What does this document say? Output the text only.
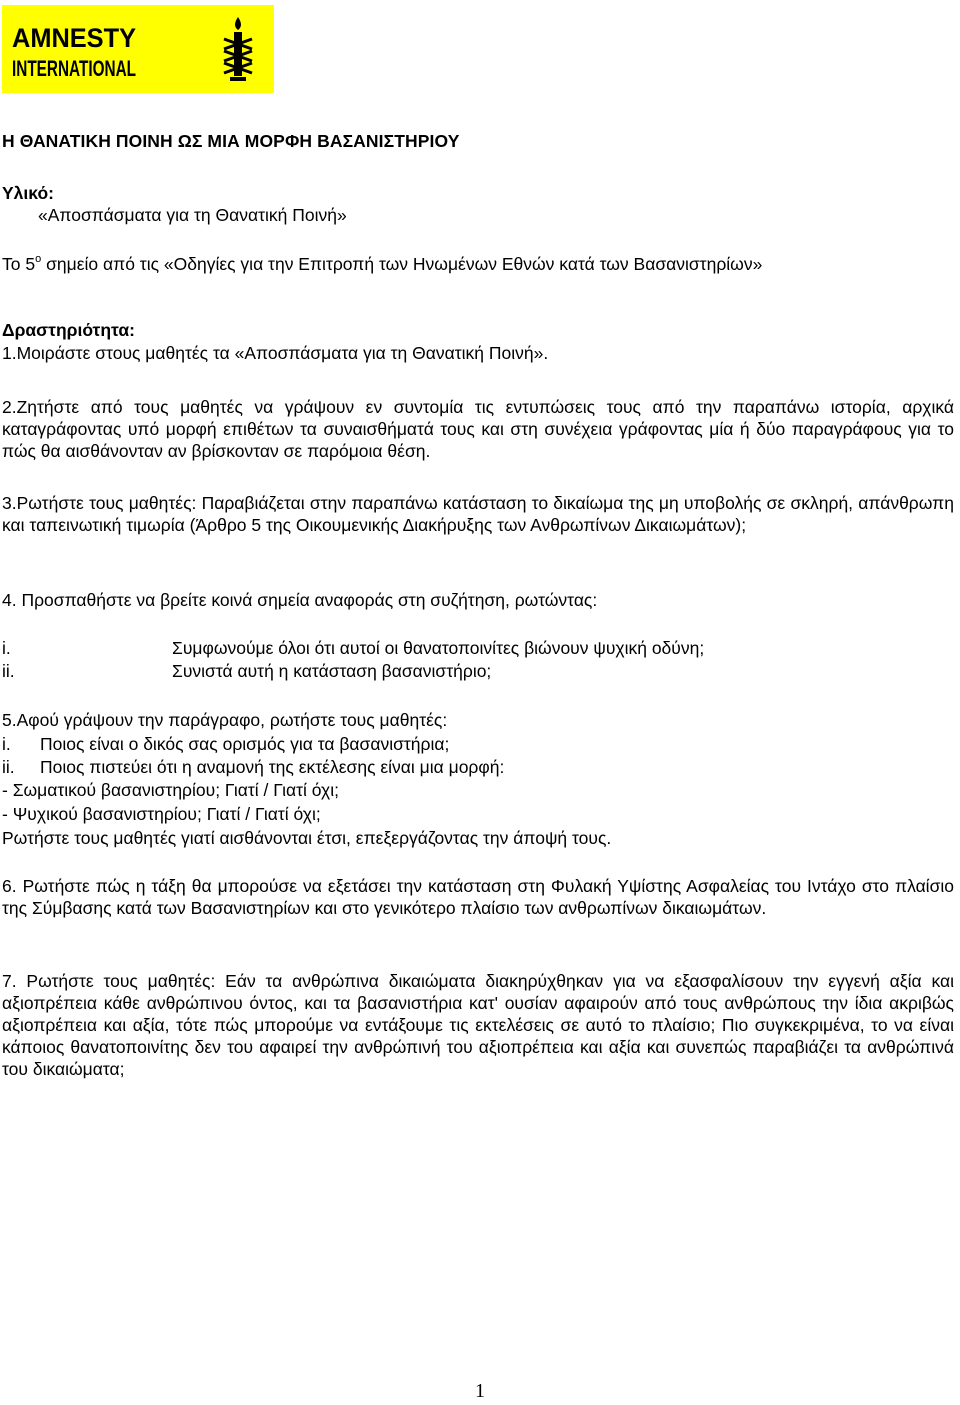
AMNESTY
INTERNATIONAL

Η ΘΑΝΑΤΙΚΗ ΠΟΙΝΗ ΩΣ ΜΙΑ ΜΟΡΦΗ ΒΑΣΑΝΙΣΤΗΡΙΟΥ

Υλικό:

«Αποσπάσματα για τη Θανατική Ποινή»

Το $5^o$ σημείο από τις «Οδηγίες για την Επιτροπή των Ηνωμένων Εθνών κατά των Βασανιστηρίων»

Δραστηριότητα:

1.Μοιράστε στους μαθητές τα «Αποσπάσματα για τη Θανατική Ποινή».

2.Ζητήστε από τους μαθητές να γράψουν εν συντομία τις εντυπώσεις τους από την παραπάνω ιστορία, αρχικά καταγράφοντας υπό μορφή επιθέτων τα συναισθήματά τους και στη συνέχεια γράφοντας μία ή δύο παραγράφους για το πώς θα αισθάνονταν αν βρίσκονταν σε παρόμοια θέση.

3.Ρωτήστε τους μαθητές: Παραβιάζεται στην παραπάνω κατάσταση το δικαίωμα της μη υποβολής σε σκληρή, απάνθρωπη και ταπεινωτική τιμωρία (Άρθρο 5 της Οικουμενικής Διακήρυξης των Ανθρωπίνων Δικαιωμάτων);

4. Προσπαθήστε να βρείτε κοινά σημεία αναφοράς στη συζήτηση, ρωτώντας:

i.	Συμφωνούμε όλοι ότι αυτοί οι θανατοποινίτες βιώνουν ψυχική οδύνη;

ii.	Συνιστά αυτή η κατάσταση βασανιστήριο;

5.Αφού γράψουν την παράγραφο, ρωτήστε τους μαθητές:

i. Ποιος είναι ο δικός σας ορισμός για τα βασανιστήρια;

ii. Ποιος πιστεύει ότι η αναμονή της εκτέλεσης είναι μια μορφή:

- Σωματικού βασανιστηρίου; Γιατί / Γιατί όχι;

- Ψυχικού βασανιστηρίου; Γιατί / Γιατί όχι;

Ρωτήστε τους μαθητές γιατί αισθάνονται έτσι, επεξεργάζοντας την άποψή τους.

6. Ρωτήστε πώς η τάξη θα μπορούσε να εξετάσει την κατάσταση στη Φυλακή Υψίστης Ασφαλείας του Ιντάχο στο πλαίσιο της Σύμβασης κατά των Βασανιστηρίων και στο γενικότερο πλαίσιο των ανθρωπίνων δικαιωμάτων.

7. Ρωτήστε τους μαθητές: Εάν τα ανθρώπινα δικαιώματα διακηρύχθηκαν για να εξασφαλίσουν την εγγενή αξία και αξιοπρέπεια κάθε ανθρώπινου όντος, και τα βασανιστήρια κατ' ουσίαν αφαιρούν από τους ανθρώπους την ίδια ακριβώς αξιοπρέπεια και αξία, τότε πώς μπορούμε να εντάξουμε τις εκτελέσεις σε αυτό το πλαίσιο; Πιο συγκεκριμένα, το να είναι κάποιος θανατοποινίτης δεν του αφαιρεί την ανθρώπινή του αξιοπρέπεια και αξία και συνεπώς παραβιάζει τα ανθρώπινά του δικαιώματα;

1
